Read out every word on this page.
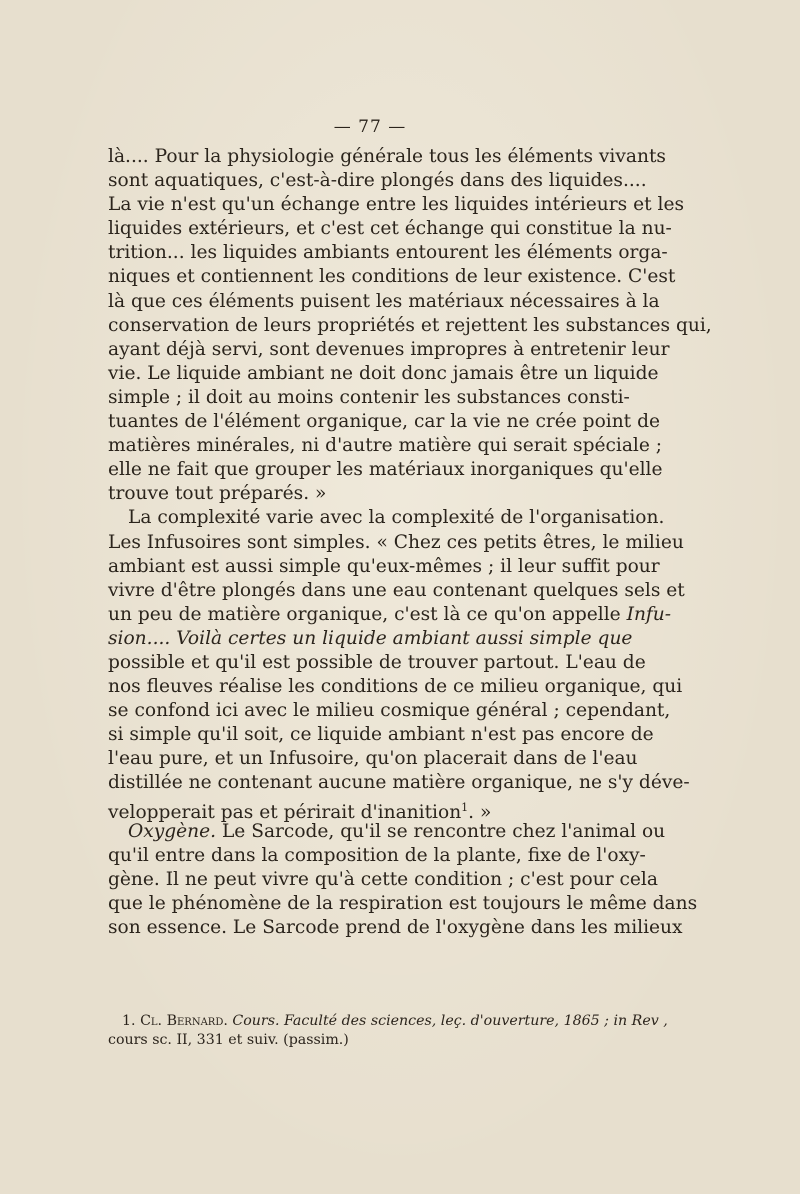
— 77 —
là.... Pour la physiologie générale tous les éléments vivants
sont aquatiques, c'est-à-dire plongés dans des liquides....
La vie n'est qu'un échange entre les liquides intérieurs et les
liquides extérieurs, et c'est cet échange qui constitue la nu-
trition... les liquides ambiants entourent les éléments orga-
niques et contiennent les conditions de leur existence. C'est
là que ces éléments puisent les matériaux nécessaires à la
conservation de leurs propriétés et rejettent les substances qui,
ayant déjà servi, sont devenues impropres à entretenir leur
vie. Le liquide ambiant ne doit donc jamais être un liquide
simple ; il doit au moins contenir les substances consti-
tuantes de l'élément organique, car la vie ne crée point de
matières minérales, ni d'autre matière qui serait spéciale ;
elle ne fait que grouper les matériaux inorganiques qu'elle
trouve tout préparés. »
La complexité varie avec la complexité de l'organisation.
Les Infusoires sont simples. « Chez ces petits êtres, le milieu
ambiant est aussi simple qu'eux-mêmes ; il leur suffit pour
vivre d'être plongés dans une eau contenant quelques sels et
un peu de matière organique, c'est là ce qu'on appelle Infu-
sion.... Voilà certes un liquide ambiant aussi simple que
possible et qu'il est possible de trouver partout. L'eau de
nos fleuves réalise les conditions de ce milieu organique, qui
se confond ici avec le milieu cosmique général ; cependant,
si simple qu'il soit, ce liquide ambiant n'est pas encore de
l'eau pure, et un Infusoire, qu'on placerait dans de l'eau
distillée ne contenant aucune matière organique, ne s'y déve-
velopperait pas et périrait d'inanition$^1$. »
Oxygène. Le Sarcode, qu'il se rencontre chez l'animal ou
qu'il entre dans la composition de la plante, fixe de l'oxy-
gène. Il ne peut vivre qu'à cette condition ; c'est pour cela
que le phénomène de la respiration est toujours le même dans
son essence. Le Sarcode prend de l'oxygène dans les milieux
1. Cl. Bernard. Cours. Faculté des sciences, leç. d'ouverture, 1865 ; in Rev ,
cours sc. II, 331 et suiv. (passim.)
